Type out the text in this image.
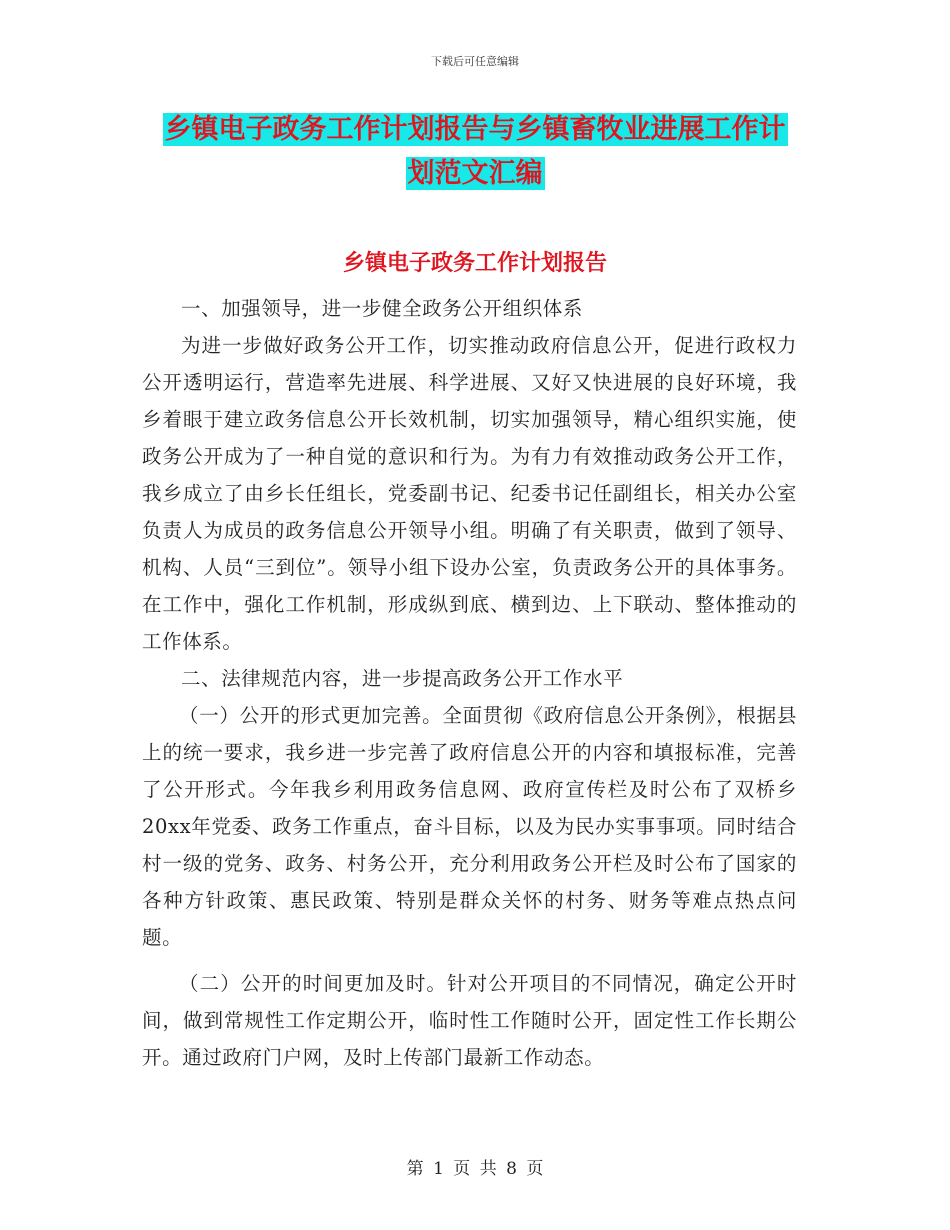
下载后可任意编辑
乡镇电子政务工作计划报告与乡镇畜牧业进展工作计
划范文汇编
乡镇电子政务工作计划报告

一、加强领导，进一步健全政务公开组织体系

为进一步做好政务公开工作，切实推动政府信息公开，促进行政权力公开透明运行，营造率先进展、科学进展、又好又快进展的良好环境，我乡着眼于建立政务信息公开长效机制，切实加强领导，精心组织实施，使政务公开成为了一种自觉的意识和行为。为有力有效推动政务公开工作，我乡成立了由乡长任组长，党委副书记、纪委书记任副组长，相关办公室负责人为成员的政务信息公开领导小组。明确了有关职责，做到了领导、机构、人员“三到位”。领导小组下设办公室，负责政务公开的具体事务。在工作中，强化工作机制，形成纵到底、横到边、上下联动、整体推动的工作体系。

二、法律规范内容，进一步提高政务公开工作水平

（一）公开的形式更加完善。全面贯彻《政府信息公开条例》，根据县上的统一要求，我乡进一步完善了政府信息公开的内容和填报标准，完善了公开形式。今年我乡利用政务信息网、政府宣传栏及时公布了双桥乡20xx年党委、政务工作重点，奋斗目标，以及为民办实事事项。同时结合村一级的党务、政务、村务公开，充分利用政务公开栏及时公布了国家的各种方针政策、惠民政策、特别是群众关怀的村务、财务等难点热点问题。

（二）公开的时间更加及时。针对公开项目的不同情况，确定公开时间，做到常规性工作定期公开，临时性工作随时公开，固定性工作长期公开。通过政府门户网，及时上传部门最新工作动态。

第 1 页 共 8 页
